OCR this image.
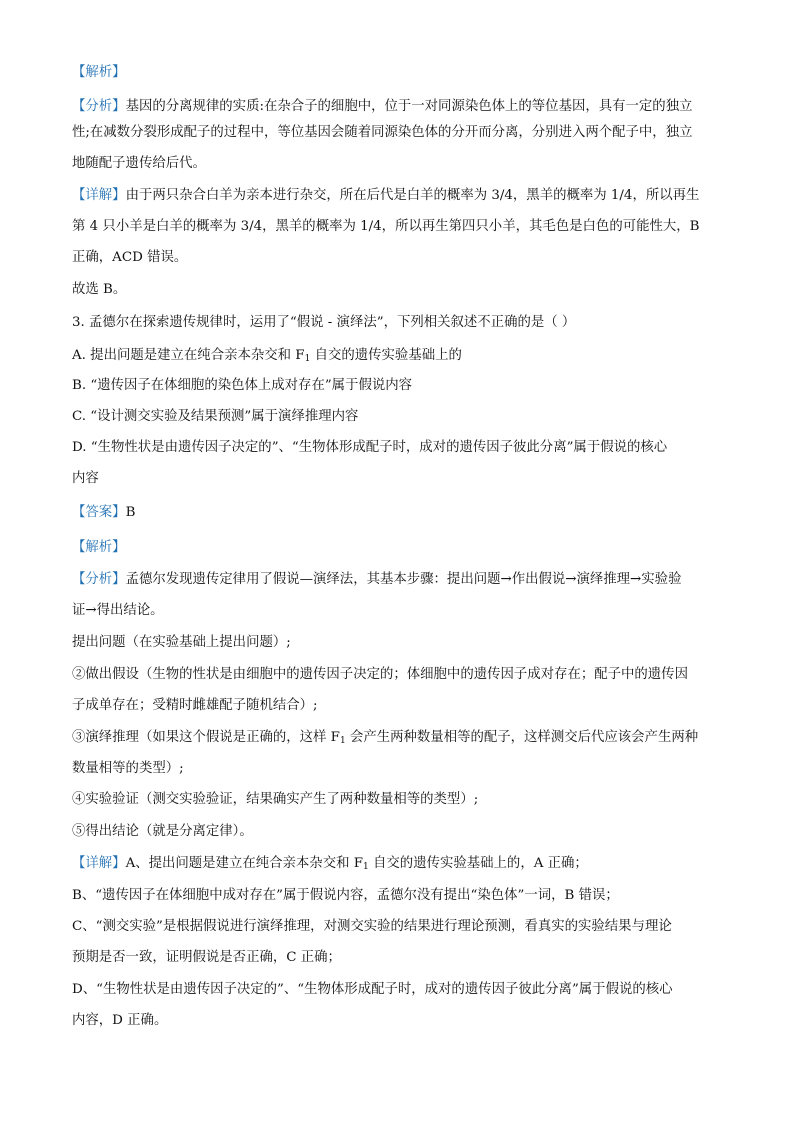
【解析】
【分析】基因的分离规律的实质:在杂合子的细胞中，位于一对同源染色体上的等位基因，具有一定的独立
性;在减数分裂形成配子的过程中，等位基因会随着同源染色体的分开而分离，分别进入两个配子中，独立
地随配子遗传给后代。
【详解】由于两只杂合白羊为亲本进行杂交，所在后代是白羊的概率为 3/4，黑羊的概率为 1/4，所以再生
第 4 只小羊是白羊的概率为 3/4，黑羊的概率为 1/4，所以再生第四只小羊，其毛色是白色的可能性大，B
正确，ACD 错误。
故选 B。
3. 孟德尔在探索遗传规律时，运用了“假说 - 演绎法”，下列相关叙述不正确的是（ ）
A. 提出问题是建立在纯合亲本杂交和 $F_1$ 自交的遗传实验基础上的
B. “遗传因子在体细胞的染色体上成对存在”属于假说内容
C. “设计测交实验及结果预测”属于演绎推理内容
D. “生物性状是由遗传因子决定的”、“生物体形成配子时，成对的遗传因子彼此分离”属于假说的核心
内容
【答案】B
【解析】
【分析】孟德尔发现遗传定律用了假说—演绎法，其基本步骤：提出问题→作出假说→演绎推理→实验验
证→得出结论。
提出问题（在实验基础上提出问题）;
②做出假设（生物的性状是由细胞中的遗传因子决定的；体细胞中的遗传因子成对存在；配子中的遗传因
子成单存在；受精时雌雄配子随机结合）;
③演绎推理（如果这个假说是正确的，这样 $F_1$ 会产生两种数量相等的配子，这样测交后代应该会产生两种
数量相等的类型）;
④实验验证（测交实验验证，结果确实产生了两种数量相等的类型）;
⑤得出结论（就是分离定律）。
【详解】A、提出问题是建立在纯合亲本杂交和 $F_1$ 自交的遗传实验基础上的，A 正确；
B、“遗传因子在体细胞中成对存在”属于假说内容，孟德尔没有提出“染色体”一词，B 错误；
C、“测交实验”是根据假说进行演绎推理，对测交实验的结果进行理论预测，看真实的实验结果与理论
预期是否一致，证明假说是否正确，C 正确；
D、“生物性状是由遗传因子决定的”、“生物体形成配子时，成对的遗传因子彼此分离”属于假说的核心
内容，D 正确。
